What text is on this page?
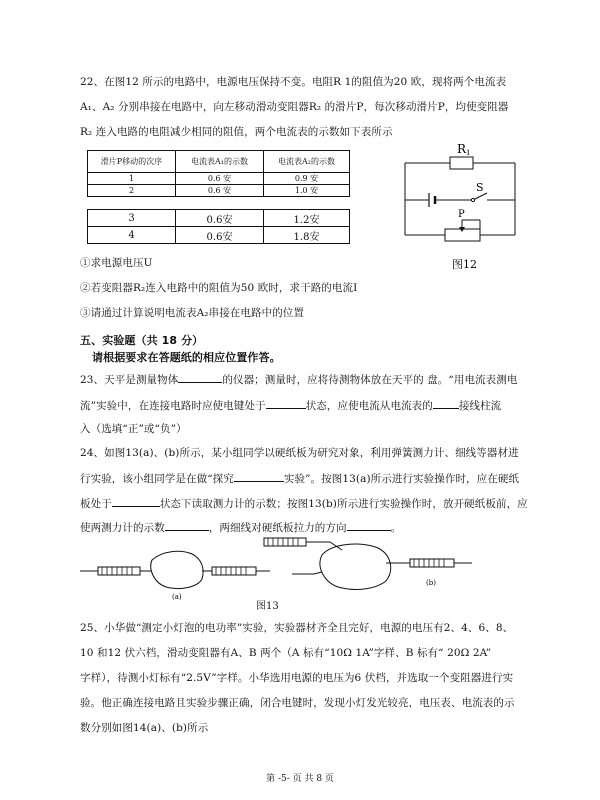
22、在图12 所示的电路中，电源电压保持不变。电阻R 1的阻值为20 欧，现将两个电流表
A₁、A₂ 分别串接在电路中，向左移动滑动变阻器R₂ 的滑片P，每次移动滑片P，均使变阻器
R₂ 连入电路的电阻减少相同的阻值，两个电流表的示数如下表所示
滑片P移动的次序	电流表A₁的示数	电流表A₂的示数
1	0.6 安	0.9 安
2	0.6 安	1.0 安
3	0.6安	1.2安
4	0.6安	1.8安
R 1
S
P
图12
①求电源电压U
②若变阻器R₂连入电路中的阻值为50 欧时，求干路的电流I
③请通过计算说明电流表A₂串接在电路中的位置
五、实验题（共 18 分）
请根据要求在答题纸的相应位置作答。
23、天平是测量物体	的仪器；测量时，应将待测物体放在天平的 盘。“用电流表测电
流”实验中，在连接电路时应使电键处于	状态，应使电流从电流表的 接线柱流
入（选填“正”或“负”）
24、如图13(a)、(b)所示，某小组同学以硬纸板为研究对象，利用弹簧测力计、细线等器材进
行实验，该小组同学是在做“探究	实验”。按图13(a)所示进行实验操作时，应在硬纸
板处于	状态下读取测力计的示数；按图13(b)所示进行实验操作时，放开硬纸板前，应
使两测力计的示数	，两细线对硬纸板拉力的方向	。
(a)
(b)
图13
25、小华做“测定小灯泡的电功率”实验，实验器材齐全且完好，电源的电压有2、4、6、8、
10 和12 伏六档，滑动变阻器有A、B 两个（A 标有“10Ω 1A”字样、B 标有“ 20Ω 2A”
字样），待测小灯标有“2.5V”字样。小华选用电源的电压为6 伏档，并选取一个变阻器进行实
验。他正确连接电路且实验步骤正确，闭合电键时，发现小灯发光较亮，电压表、电流表的示
数分别如图14(a)、(b)所示
第 -5- 页 共 8 页
